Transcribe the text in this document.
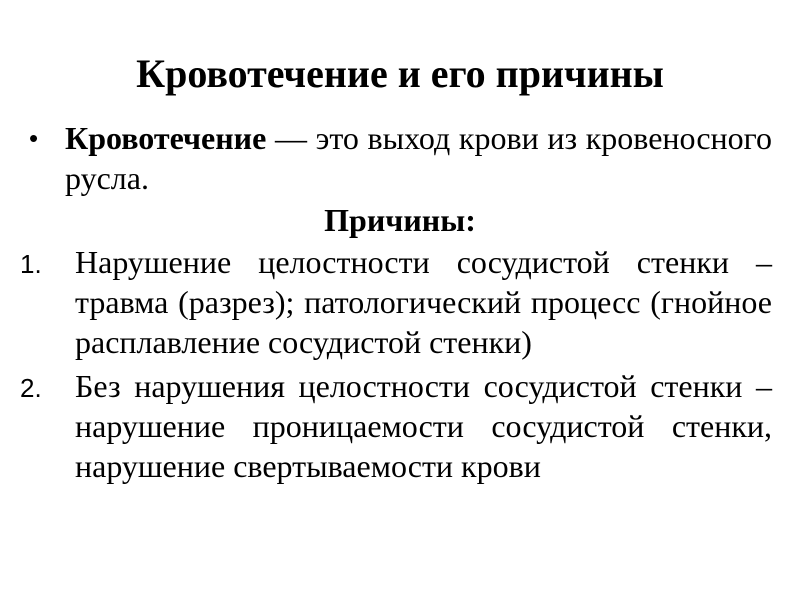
Кровотечение и его причины
• Кровотечение — это выход крови из кровеносного русла.
Причины:
1.	Нарушение целостности сосудистой стенки – травма (разрез); патологический процесс (гнойное расплавление сосудистой стенки)
2.	Без нарушения целостности сосудистой стенки – нарушение проницаемости сосудистой стенки, нарушение свертываемости крови
